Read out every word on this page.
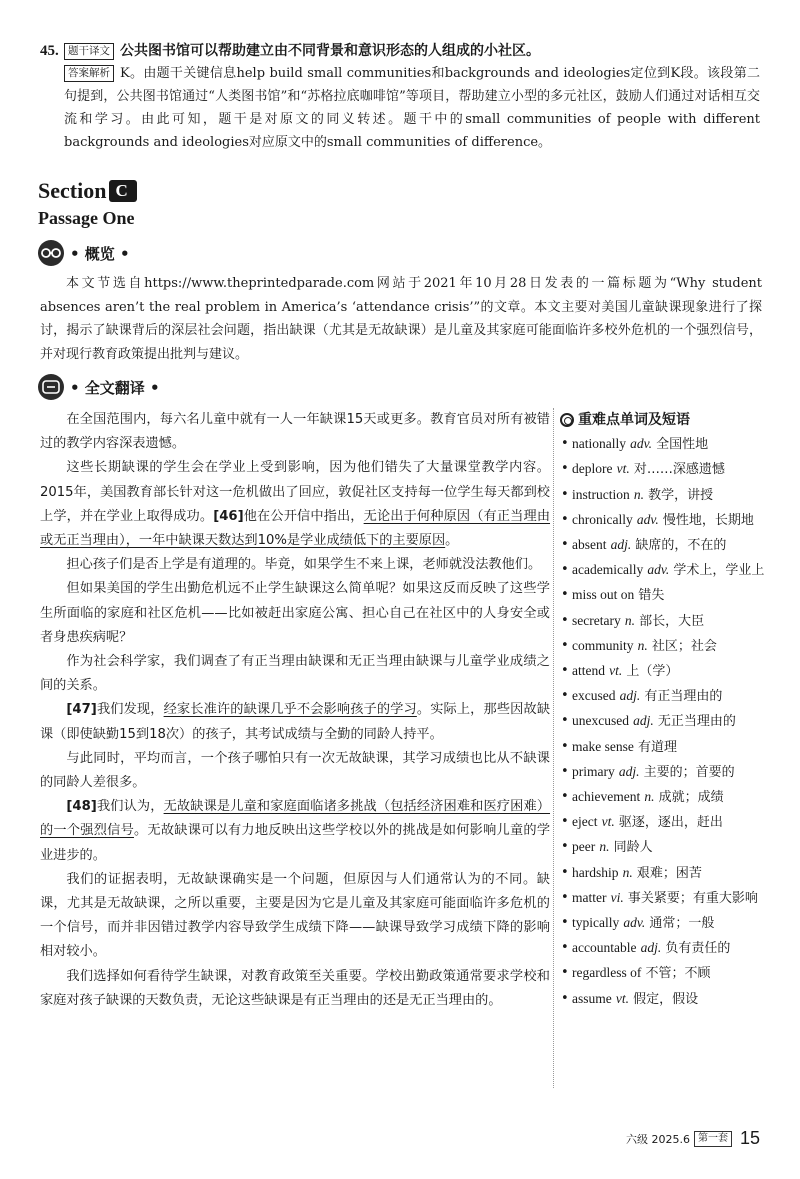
45. 题干译文 公共图书馆可以帮助建立由不同背景和意识形态的人组成的小社区。
答案解析 K。由题干关键信息help build small communities和backgrounds and ideologies定位到K段。该段第二句提到，公共图书馆通过“人类图书馆”和“苏格拉底咖啡馆”等项目，帮助建立小型的多元社区，鼓励人们通过对话相互交流和学习。由此可知，题干是对原文的同义转述。题干中的small communities of people with different backgrounds and ideologies对应原文中的small communities of difference。
Section C
Passage One
• 概览 •
本文节选自https://www.theprintedparade.com网站于2021年10月28日发表的一篇标题为“Why student absences aren’t the real problem in America’s ‘attendance crisis’”的文章。本文主要对美国儿童缺课现象进行了探讨，揭示了缺课背后的深层社会问题，指出缺课（尤其是无故缺课）是儿童及其家庭可能面临许多校外危机的一个强烈信号，并对现行教育政策提出批判与建议。
• 全文翻译 •

在全国范围内，每六名儿童中就有一人一年缺课15天或更多。教育官员对所有被错过的教学内容深表遗憾。

这些长期缺课的学生会在学业上受到影响，因为他们错失了大量课堂教学内容。2015年，美国教育部长针对这一危机做出了回应，敦促社区支持每一位学生每天都到校上学，并在学业上取得成功。[46]他在公开信中指出，无论出于何种原因（有正当理由或无正当理由），一年中缺课天数达到10%是学业成绩低下的主要原因。

担心孩子们是否上学是有道理的。毕竟，如果学生不来上课，老师就没法教他们。

但如果美国的学生出勤危机远不止学生缺课这么简单呢？如果这反而反映了这些学生所面临的家庭和社区危机——比如被赶出家庭公寓、担心自己在社区中的人身安全或者身患疾病呢？

作为社会科学家，我们调查了有正当理由缺课和无正当理由缺课与儿童学业成绩之间的关系。

[47]我们发现，经家长准许的缺课几乎不会影响孩子的学习。实际上，那些因故缺课（即使缺勤15到18次）的孩子，其考试成绩与全勤的同龄人持平。

与此同时，平均而言，一个孩子哪怕只有一次无故缺课，其学习成绩也比从不缺课的同龄人差很多。

[48]我们认为，无故缺课是儿童和家庭面临诸多挑战（包括经济困难和医疗困难）的一个强烈信号。无故缺课可以有力地反映出这些学校以外的挑战是如何影响儿童的学业进步的。

我们的证据表明，无故缺课确实是一个问题，但原因与人们通常认为的不同。缺课，尤其是无故缺课，之所以重要，主要是因为它是儿童及其家庭可能面临许多危机的一个信号，而并非因错过教学内容导致学生成绩下降——缺课导致学习成绩下降的影响相对较小。

我们选择如何看待学生缺课，对教育政策至关重要。学校出勤政策通常要求学校和家庭对孩子缺课的天数负责，无论这些缺课是有正当理由的还是无正当理由的。

重难点单词及短语
• nationally adv. 全国性地
• deplore vt. 对……深感遗憾
• instruction n. 教学，讲授
• chronically adv. 慢性地，长期地
• absent adj. 缺席的，不在的
• academically adv. 学术上，学业上
• miss out on 错失
• secretary n. 部长，大臣
• community n. 社区；社会
• attend vt. 上（学）
• excused adj. 有正当理由的
• unexcused adj. 无正当理由的
• make sense 有道理
• primary adj. 主要的；首要的
• achievement n. 成就；成绩
• eject vt. 驱逐，逐出，赶出
• peer n. 同龄人
• hardship n. 艰难；困苦
• matter vi. 事关紧要；有重大影响
• typically adv. 通常；一般
• accountable adj. 负有责任的
• regardless of 不管；不顾
• assume vt. 假定，假设
六级 2025.6 第一套 15
